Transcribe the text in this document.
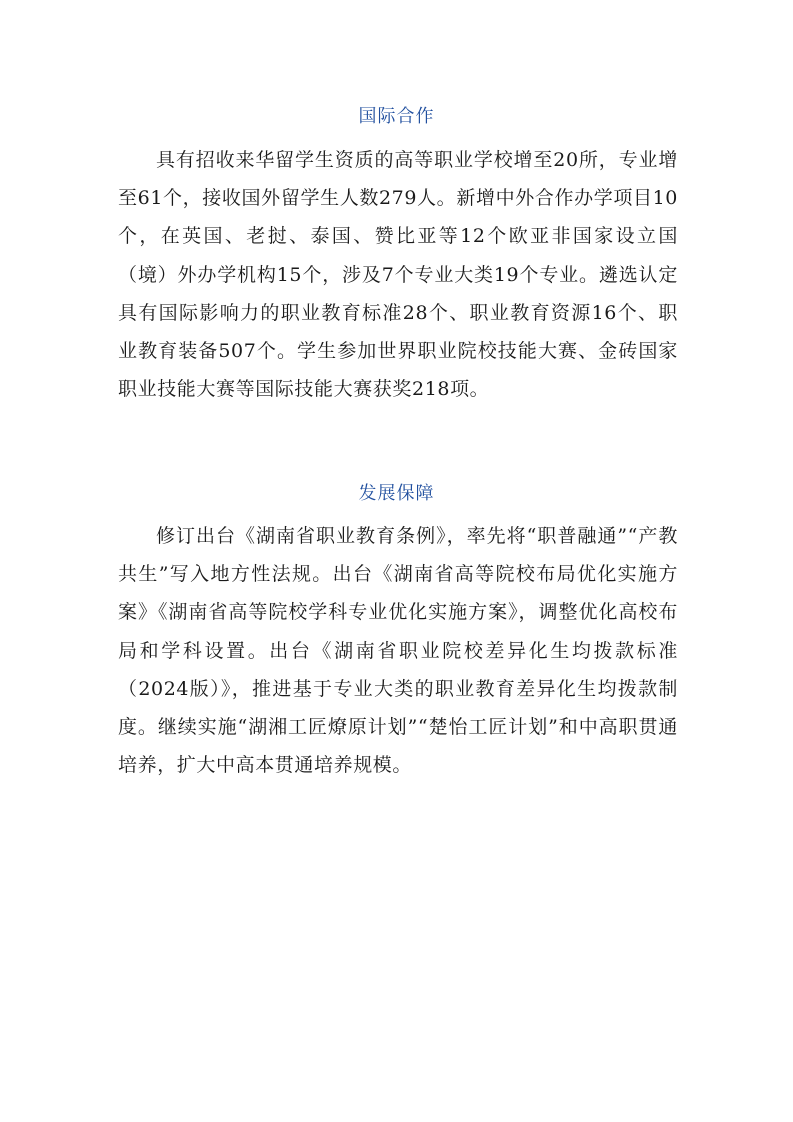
国际合作

具有招收来华留学生资质的高等职业学校增至20所，专业增至61个，接收国外留学生人数279人。新增中外合作办学项目10个，在英国、老挝、泰国、赞比亚等12个欧亚非国家设立国（境）外办学机构15个，涉及7个专业大类19个专业。遴选认定具有国际影响力的职业教育标准28个、职业教育资源16个、职业教育装备507个。学生参加世界职业院校技能大赛、金砖国家职业技能大赛等国际技能大赛获奖218项。

发展保障

修订出台《湖南省职业教育条例》，率先将“职普融通”“产教共生”写入地方性法规。出台《湖南省高等院校布局优化实施方案》《湖南省高等院校学科专业优化实施方案》，调整优化高校布局和学科设置。出台《湖南省职业院校差异化生均拨款标准（2024版）》，推进基于专业大类的职业教育差异化生均拨款制度。继续实施“湖湘工匠燎原计划”“楚怡工匠计划”和中高职贯通培养，扩大中高本贯通培养规模。
